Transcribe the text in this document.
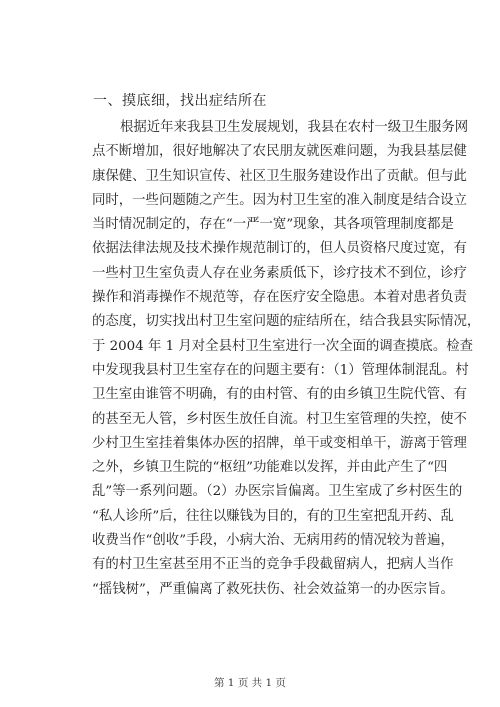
一、摸底细，找出症结所在
根据近年来我县卫生发展规划，我县在农村一级卫生服务网
点不断增加，很好地解决了农民朋友就医难问题，为我县基层健
康保健、卫生知识宣传、社区卫生服务建设作出了贡献。但与此
同时，一些问题随之产生。因为村卫生室的准入制度是结合设立
当时情况制定的，存在“一严一宽”现象，其各项管理制度都是
依据法律法规及技术操作规范制订的，但人员资格尺度过宽，有
一些村卫生室负责人存在业务素质低下，诊疗技术不到位，诊疗
操作和消毒操作不规范等，存在医疗安全隐患。本着对患者负责
的态度，切实找出村卫生室问题的症结所在，结合我县实际情况，
于 2004 年 1 月对全县村卫生室进行一次全面的调查摸底。检查
中发现我县村卫生室存在的问题主要有：（1）管理体制混乱。村
卫生室由谁管不明确，有的由村管、有的由乡镇卫生院代管、有
的甚至无人管，乡村医生放任自流。村卫生室管理的失控，使不
少村卫生室挂着集体办医的招牌，单干或变相单干，游离于管理
之外，乡镇卫生院的“枢纽”功能难以发挥，并由此产生了“四
乱”等一系列问题。（2）办医宗旨偏离。卫生室成了乡村医生的
“私人诊所”后，往往以赚钱为目的，有的卫生室把乱开药、乱
收费当作“创收”手段，小病大治、无病用药的情况较为普遍，
有的村卫生室甚至用不正当的竞争手段截留病人，把病人当作
“摇钱树”，严重偏离了救死扶伤、社会效益第一的办医宗旨。
第 1 页 共 1 页
